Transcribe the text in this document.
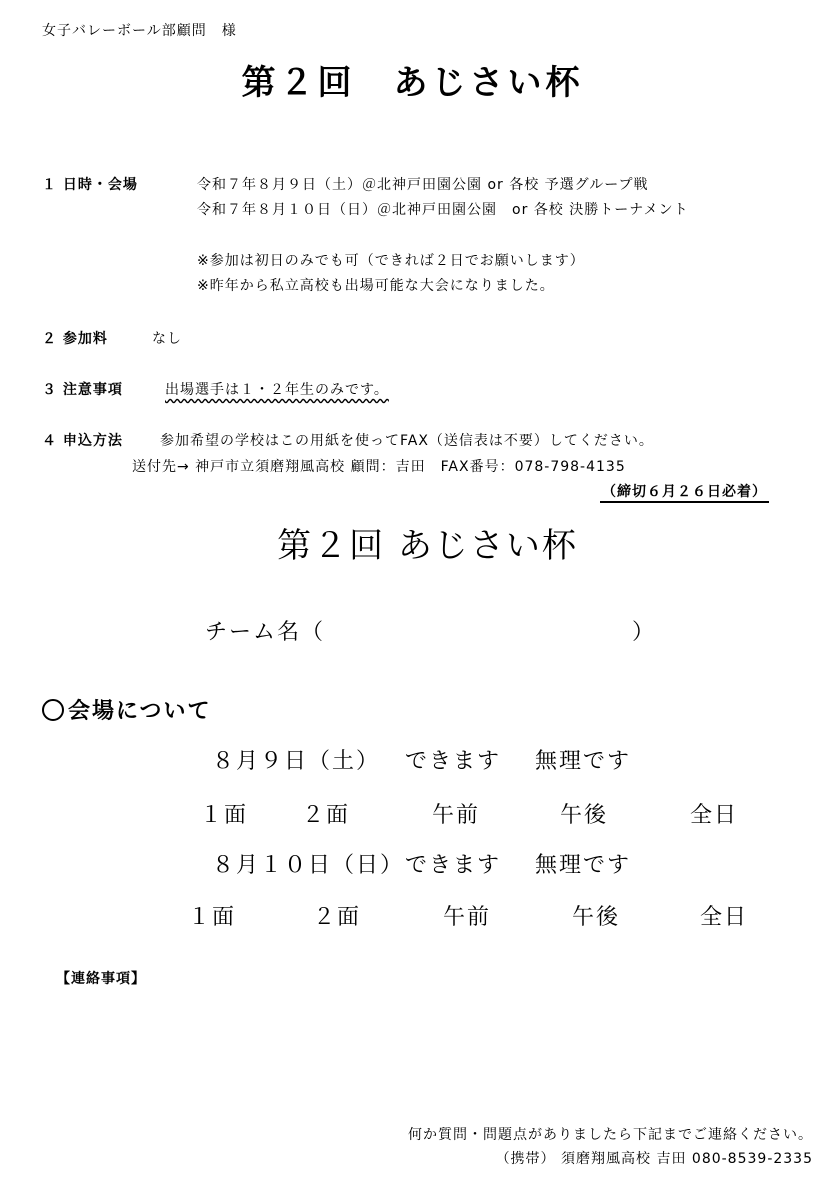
女子バレーボール部顧問　様
第２回　あじさい杯
１ 日時・会場	令和７年８月９日（土）＠北神戸田園公園 or 各校 予選グループ戦
令和７年８月１０日（日）＠北神戸田園公園　or 各校 決勝トーナメント
※参加は初日のみでも可（できれば２日でお願いします）
※昨年から私立高校も出場可能な大会になりました。
２ 参加料	なし
３ 注意事項	出場選手は１・２年生のみです。
４ 申込方法	参加希望の学校はこの用紙を使ってFAX（送信表は不要）してください。
送付先→ 神戸市立須磨翔風高校 顧問：吉田　FAX番号：078-798-4135
（締切６月２６日必着）
第２回 あじさい杯
チーム名（	）
会場について
８月９日（土） できます 無理です
１面 ２面	午前	午後	全日
８月１０日（日） できます 無理です
１面	２面	午前	午後	全日
【連絡事項】
何か質問・問題点がありましたら下記までご連絡ください。
（携帯） 須磨翔風高校 吉田 080-8539-2335
